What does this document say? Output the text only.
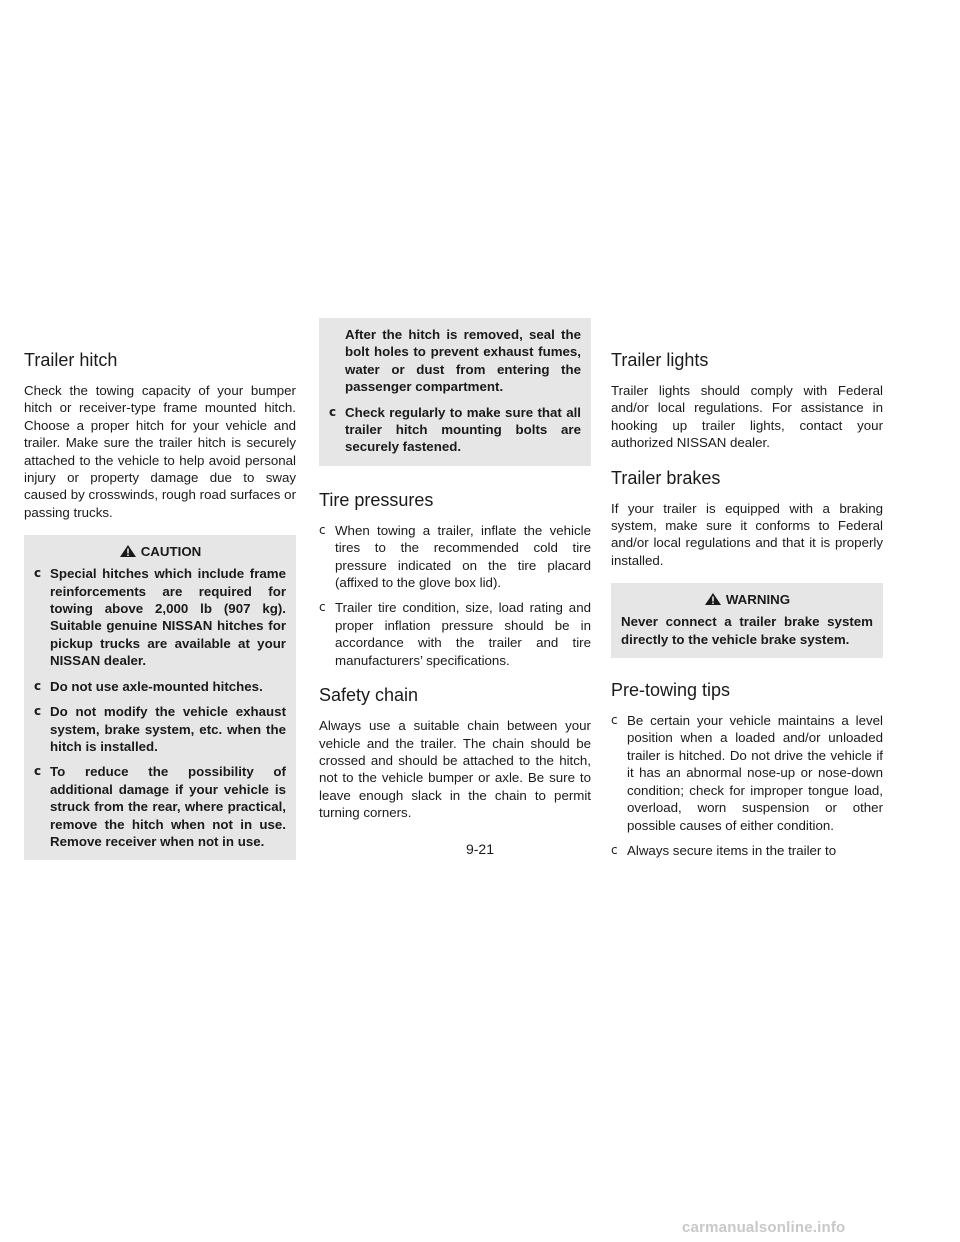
Trailer hitch

Check the towing capacity of your bumper hitch or receiver-type frame mounted hitch. Choose a proper hitch for your vehicle and trailer. Make sure the trailer hitch is securely attached to the vehicle to help avoid personal injury or property damage due to sway caused by crosswinds, rough road surfaces or passing trucks.

CAUTION
c Special hitches which include frame reinforcements are required for towing above 2,000 lb (907 kg). Suitable genuine NISSAN hitches for pickup trucks are available at your NISSAN dealer.
c Do not use axle-mounted hitches.
c Do not modify the vehicle exhaust system, brake system, etc. when the hitch is installed.
c To reduce the possibility of additional damage if your vehicle is struck from the rear, where practical, remove the hitch when not in use. Remove receiver when not in use.
After the hitch is removed, seal the bolt holes to prevent exhaust fumes, water or dust from entering the passenger compartment.
c Check regularly to make sure that all trailer hitch mounting bolts are securely fastened.
Tire pressures
c When towing a trailer, inflate the vehicle tires to the recommended cold tire pressure indicated on the tire placard (affixed to the glove box lid).
c Trailer tire condition, size, load rating and proper inflation pressure should be in accordance with the trailer and tire manufacturers’ specifications.
Safety chain

Always use a suitable chain between your vehicle and the trailer. The chain should be crossed and should be attached to the hitch, not to the vehicle bumper or axle. Be sure to leave enough slack in the chain to permit turning corners.

Trailer lights

Trailer lights should comply with Federal and/or local regulations. For assistance in hooking up trailer lights, contact your authorized NISSAN dealer.

Trailer brakes

If your trailer is equipped with a braking system, make sure it conforms to Federal and/or local regulations and that it is properly installed.

WARNING
Never connect a trailer brake system directly to the vehicle brake system.
Pre-towing tips
c Be certain your vehicle maintains a level position when a loaded and/or unloaded trailer is hitched. Do not drive the vehicle if it has an abnormal nose-up or nose-down condition; check for improper tongue load, overload, worn suspension or other possible causes of either condition.
c Always secure items in the trailer to
9-21
carmanualsonline.info
